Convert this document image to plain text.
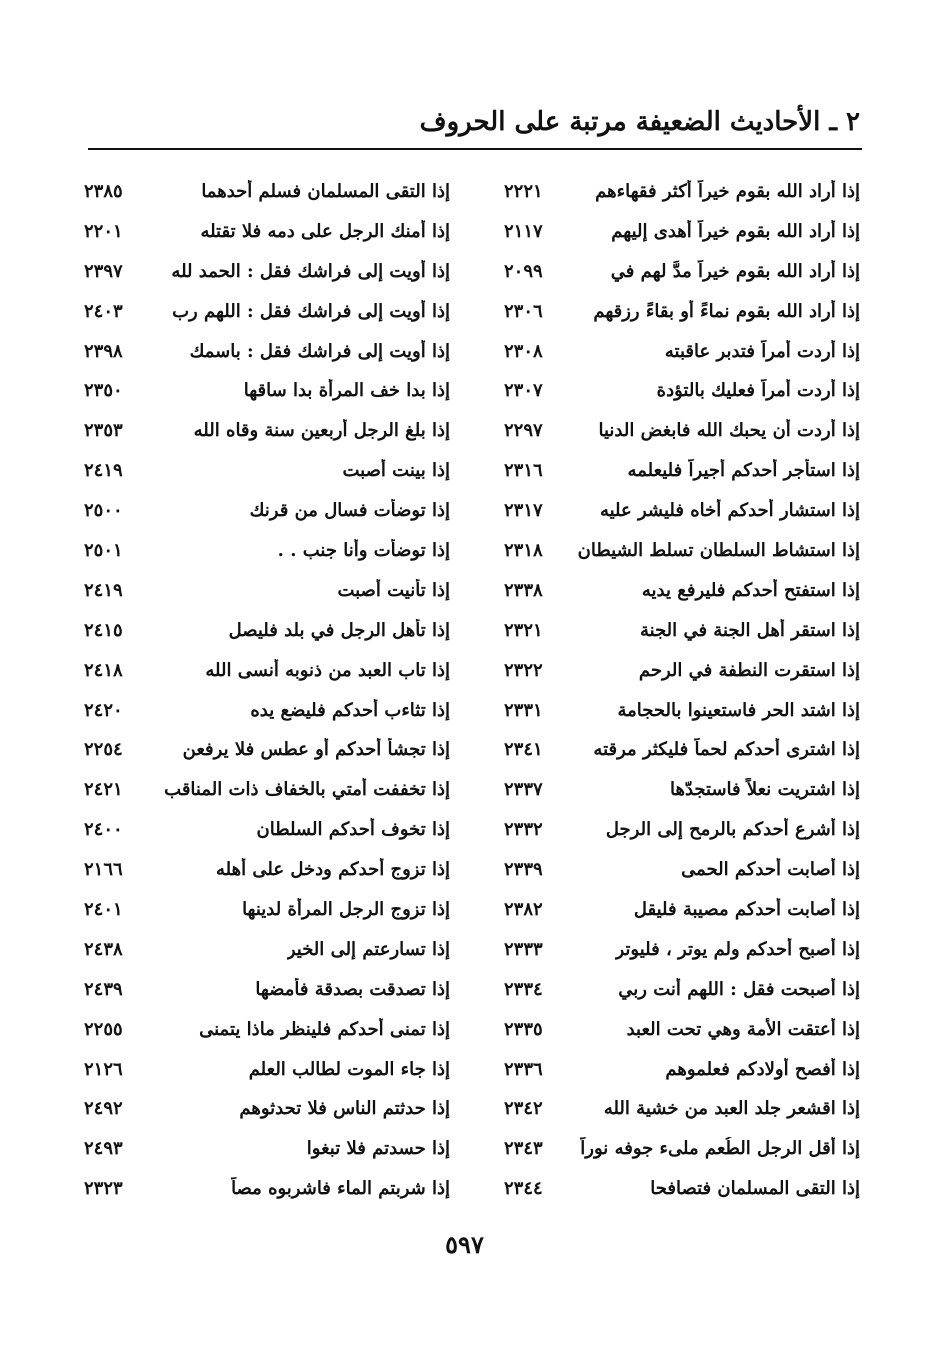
٢ ـ الأحاديث الضعيفة مرتبة على الحروف
إذا أراد الله بقوم خيراً أكثر فقهاءهم
٢٢٢١
إذا أراد الله بقوم خيراً أهدى إليهم
٢١١٧
إذا أراد الله بقوم خيراً مدَّ لهم في
٢٠٩٩
إذا أراد الله بقوم نماءً أو بقاءً رزقهم
٢٣٠٦
إذا أردت أمراً فتدبر عاقبته
٢٣٠٨
إذا أردت أمراً فعليك بالتؤدة
٢٣٠٧
إذا أردت أن يحبك الله فابغض الدنيا
٢٢٩٧
إذا استأجر أحدكم أجيراً فليعلمه
٢٣١٦
إذا استشار أحدكم أخاه فليشر عليه
٢٣١٧
إذا استشاط السلطان تسلط الشيطان
٢٣١٨
إذا استفتح أحدكم فليرفع يديه
٢٣٣٨
إذا استقر أهل الجنة في الجنة
٢٣٢١
إذا استقرت النطفة في الرحم
٢٣٢٢
إذا اشتد الحر فاستعينوا بالحجامة
٢٣٣١
إذا اشترى أحدكم لحماً فليكثر مرقته
٢٣٤١
إذا اشتريت نعلاً فاستجدّها
٢٣٣٧
إذا أشرع أحدكم بالرمح إلى الرجل
٢٣٣٢
إذا أصابت أحدكم الحمى
٢٣٣٩
إذا أصابت أحدكم مصيبة فليقل
٢٣٨٢
إذا أصبح أحدكم ولم يوتر ، فليوتر
٢٣٣٣
إذا أصبحت فقل : اللهم أنت ربي
٢٣٣٤
إذا أعتقت الأمة وهي تحت العبد
٢٣٣٥
إذا أفصح أولادكم فعلموهم
٢٣٣٦
إذا اقشعر جلد العبد من خشية الله
٢٣٤٢
إذا أقل الرجل الطُعم ملىء جوفه نوراً
٢٣٤٣
إذا التقى المسلمان فتصافحا
٢٣٤٤
إذا التقى المسلمان فسلم أحدهما
٢٣٨٥
إذا أمنك الرجل على دمه فلا تقتله
٢٢٠١
إذا أويت إلى فراشك فقل : الحمد لله
٢٣٩٧
إذا أويت إلى فراشك فقل : اللهم رب
٢٤٠٣
إذا أويت إلى فراشك فقل : باسمك
٢٣٩٨
إذا بدا خف المرأة بدا ساقها
٢٣٥٠
إذا بلغ الرجل أربعين سنة وقاه الله
٢٣٥٣
إذا بينت أصبت
٢٤١٩
إذا توضأت فسال من قرنك
٢٥٠٠
إذا توضأت وأنا جنب . .
٢٥٠١
إذا تأنيت أصبت
٢٤١٩
إذا تأهل الرجل في بلد فليصل
٢٤١٥
إذا تاب العبد من ذنوبه أنسى الله
٢٤١٨
إذا تثاءب أحدكم فليضع يده
٢٤٢٠
إذا تجشأ أحدكم أو عطس فلا يرفعن
٢٢٥٤
إذا تخففت أمتي بالخفاف ذات المناقب
٢٤٢١
إذا تخوف أحدكم السلطان
٢٤٠٠
إذا تزوج أحدكم ودخل على أهله
٢١٦٦
إذا تزوج الرجل المرأة لدينها
٢٤٠١
إذا تسارعتم إلى الخير
٢٤٣٨
إذا تصدقت بصدقة فأمضها
٢٤٣٩
إذا تمنى أحدكم فلينظر ماذا يتمنى
٢٢٥٥
إذا جاء الموت لطالب العلم
٢١٢٦
إذا حدثتم الناس فلا تحدثوهم
٢٤٩٢
إذا حسدتم فلا تبغوا
٢٤٩٣
إذا شربتم الماء فاشربوه مصاً
٢٣٢٣
٥٩٧
